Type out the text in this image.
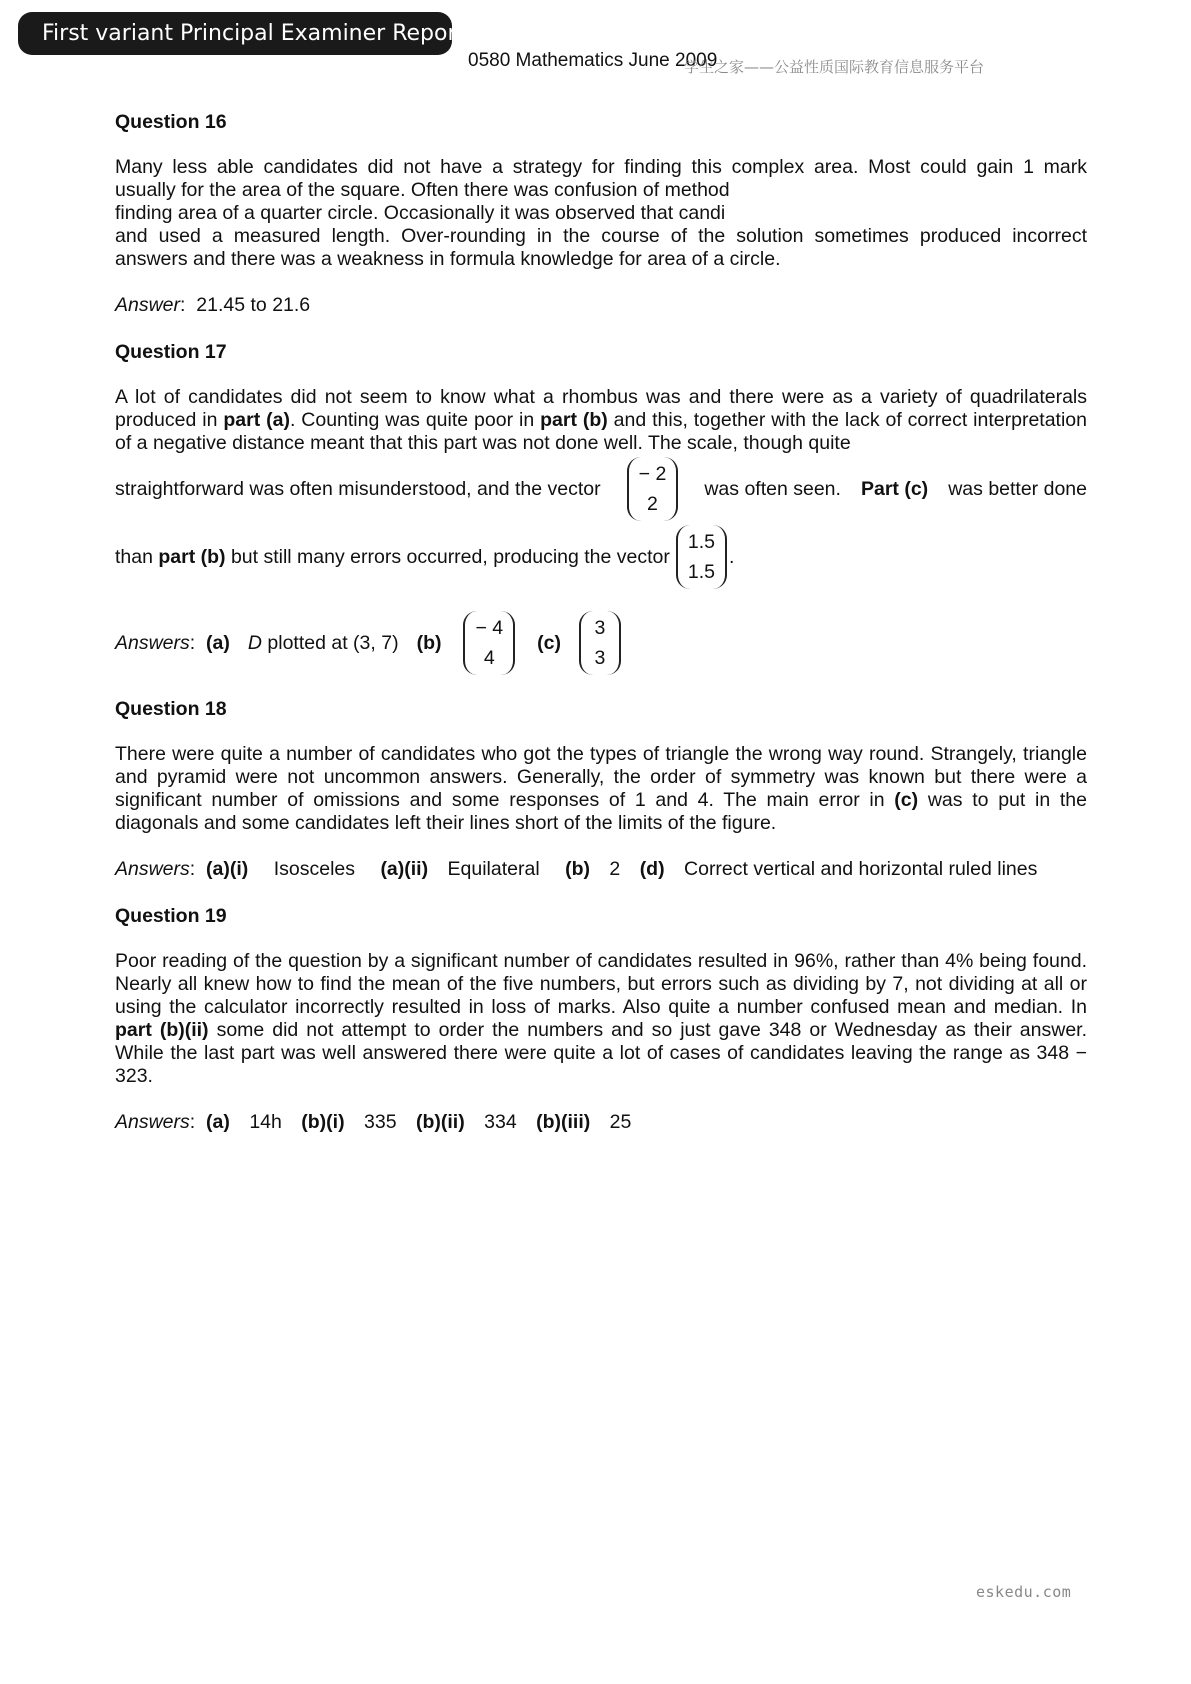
First variant Principal Examiner Report
0580 Mathematics June 2009
学生之家——公益性质国际教育信息服务平台
Question 16

Many less able candidates did not have a strategy for finding this complex area. Most could gain 1 mark
usually for the area of the square. Often there was confusion of method
finding area of a quarter circle. Occasionally it was observed that candi
and used a measured length. Over-rounding in the course of the solution sometimes produced incorrect
answers and there was a weakness in formula knowledge for area of a circle.

Answer:  21.45 to 21.6
Question 17

A lot of candidates did not seem to know what a rhombus was and there were as a variety of quadrilaterals produced in part (a). Counting was quite poor in part (b) and this, together with the lack of correct interpretation of a negative distance meant that this part was not done well. The scale, though quite

straightforward was often misunderstood, and the vector
− 2
2
was often seen. Part (c) was better done
than
part (b)
but still many errors occurred, producing the vector
1.5
1.5
.
Answers:  (a) D plotted at (3, 7) (b)
− 4
4
(c)
3
3
Question 18

There were quite a number of candidates who got the types of triangle the wrong way round. Strangely, triangle and pyramid were not uncommon answers. Generally, the order of symmetry was known but there were a significant number of omissions and some responses of 1 and 4. The main error in (c) was to put in the diagonals and some candidates left their lines short of the limits of the figure.

Answers:  (a)(i) Isosceles (a)(ii) Equilateral (b) 2 (d) Correct vertical and horizontal ruled lines
Question 19

Poor reading of the question by a significant number of candidates resulted in 96%, rather than 4% being found. Nearly all knew how to find the mean of the five numbers, but errors such as dividing by 7, not dividing at all or using the calculator incorrectly resulted in loss of marks. Also quite a number confused mean and median. In part (b)(ii) some did not attempt to order the numbers and so just gave 348 or Wednesday as their answer. While the last part was well answered there were quite a lot of cases of candidates leaving the range as 348 − 323.

Answers:  (a) 14h (b)(i) 335 (b)(ii) 334 (b)(iii) 25
eskedu.com
